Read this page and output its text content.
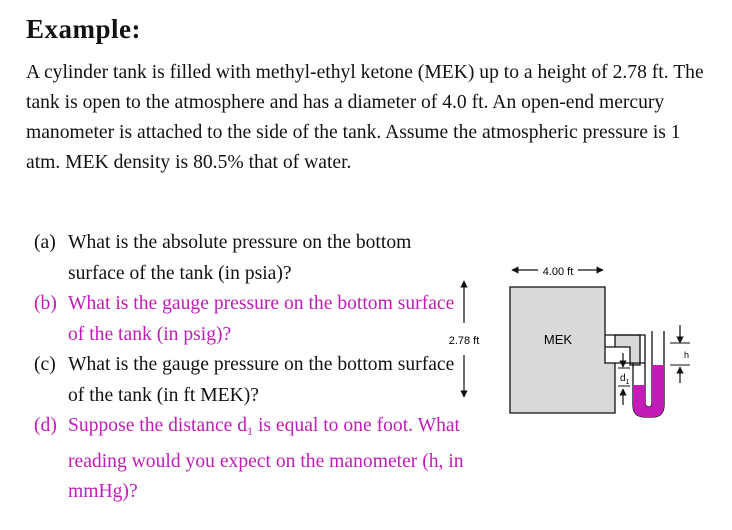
Example:

A cylinder tank is filled with methyl-ethyl ketone (MEK) up to a height of 2.78 ft. The tank is open to the atmosphere and has a diameter of 4.0 ft. An open-end mercury manometer is attached to the side of the tank. Assume the atmospheric pressure is 1 atm. MEK density is 80.5% that of water.

(a) What is the absolute pressure on the bottom surface of the tank (in psia)?
(b) What is the gauge pressure on the bottom surface of the tank (in psig)?
(c) What is the gauge pressure on the bottom surface of the tank (in ft MEK)?
(d) Suppose the distance $d_1$ is equal to one foot. What reading would you expect on the manometer (h, in mmHg)?
4.00 ft
2.78 ft	MEK
$d_1$
h
